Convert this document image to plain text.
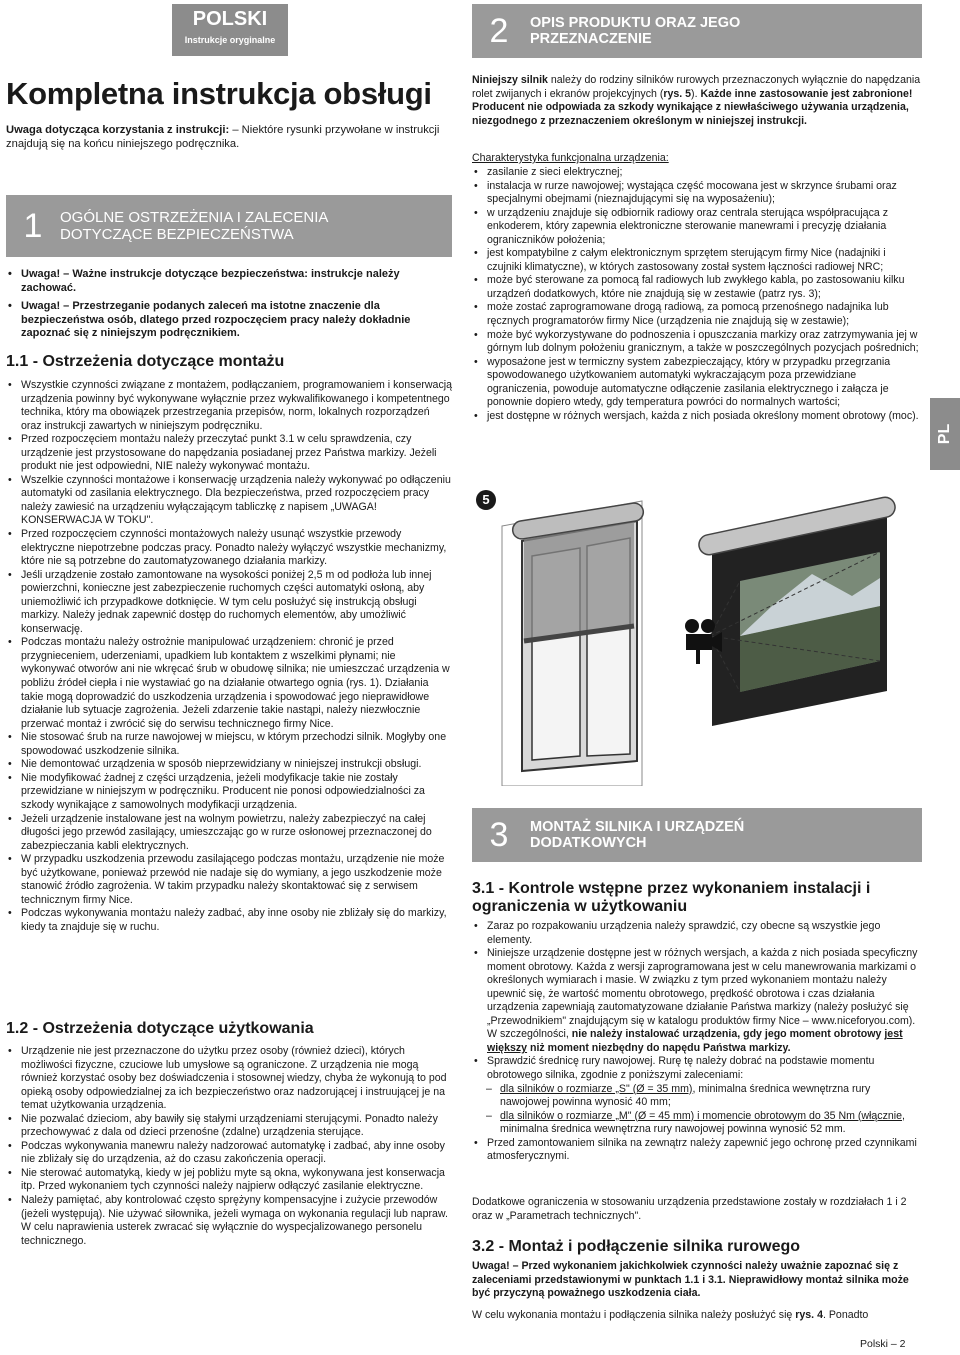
POLSKI
Instrukcje oryginalne
PL
Kompletna instrukcja obsługi

Uwaga dotycząca korzystania z instrukcji: – Niektóre rysunki przywołane w instrukcji znajdują się na końcu niniejszego podręcznika.

1	OGÓLNE OSTRZEŻENIA I ZALECENIA DOTYCZĄCE BEZPIECZEŃSTWA
• Uwaga! – Ważne instrukcje dotyczące bezpieczeństwa: instrukcje należy zachować.
• Uwaga! – Przestrzeganie podanych zaleceń ma istotne znaczenie dla bezpieczeństwa osób, dlatego przed rozpoczęciem pracy należy dokładnie zapoznać się z niniejszym podręcznikiem.
1.1 - Ostrzeżenia dotyczące montażu
• Wszystkie czynności związane z montażem, podłączaniem, programowaniem i konserwacją urządzenia powinny być wykonywane wyłącznie przez wykwalifikowanego i kompetentnego technika, który ma obowiązek przestrzegania przepisów, norm, lokalnych rozporządzeń oraz instrukcji zawartych w niniejszym podręczniku.
• Przed rozpoczęciem montażu należy przeczytać punkt 3.1 w celu sprawdzenia, czy urządzenie jest przystosowane do napędzania posiadanej przez Państwa markizy. Jeżeli produkt nie jest odpowiedni, NIE należy wykonywać montażu.
• Wszelkie czynności montażowe i konserwację urządzenia należy wykonywać po odłączeniu automatyki od zasilania elektrycznego. Dla bezpieczeństwa, przed rozpoczęciem pracy należy zawiesić na urządzeniu wyłączającym tabliczkę z napisem „UWAGA! KONSERWACJA W TOKU".
• Przed rozpoczęciem czynności montażowych należy usunąć wszystkie przewody elektryczne niepotrzebne podczas pracy. Ponadto należy wyłączyć wszystkie mechanizmy, które nie są potrzebne do zautomatyzowanego działania markizy.
• Jeśli urządzenie zostało zamontowane na wysokości poniżej 2,5 m od podłoża lub innej powierzchni, konieczne jest zabezpieczenie ruchomych części automatyki osłoną, aby uniemożliwić ich przypadkowe dotknięcie. W tym celu posłużyć się instrukcją obsługi markizy. Należy jednak zapewnić dostęp do ruchomych elementów, aby umożliwić konserwację.
• Podczas montażu należy ostrożnie manipulować urządzeniem: chronić je przed przygnieceniem, uderzeniami, upadkiem lub kontaktem z wszelkimi płynami; nie wykonywać otworów ani nie wkręcać śrub w obudowę silnika; nie umieszczać urządzenia w pobliżu źródeł ciepła i nie wystawiać go na działanie otwartego ognia (rys. 1). Działania takie mogą doprowadzić do uszkodzenia urządzenia i spowodować jego nieprawidłowe działanie lub sytuacje zagrożenia. Jeżeli zdarzenie takie nastąpi, należy niezwłocznie przerwać montaż i zwrócić się do serwisu technicznego firmy Nice.
• Nie stosować śrub na rurze nawojowej w miejscu, w którym przechodzi silnik. Mogłyby one spowodować uszkodzenie silnika.
• Nie demontować urządzenia w sposób nieprzewidziany w niniejszej instrukcji obsługi.
• Nie modyfikować żadnej z części urządzenia, jeżeli modyfikacje takie nie zostały przewidziane w niniejszym w podręczniku. Producent nie ponosi odpowiedzialności za szkody wynikające z samowolnych modyfikacji urządzenia.
• Jeżeli urządzenie instalowane jest na wolnym powietrzu, należy zabezpieczyć na całej długości jego przewód zasilający, umieszczając go w rurze osłonowej przeznaczonej do zabezpieczania kabli elektrycznych.
• W przypadku uszkodzenia przewodu zasilającego podczas montażu, urządzenie nie może być użytkowane, ponieważ przewód nie nadaje się do wymiany, a jego uszkodzenie może stanowić źródło zagrożenia. W takim przypadku należy skontaktować się z serwisem technicznym firmy Nice.
• Podczas wykonywania montażu należy zadbać, aby inne osoby nie zbliżały się do markizy, kiedy ta znajduje się w ruchu.
1.2 - Ostrzeżenia dotyczące użytkowania
• Urządzenie nie jest przeznaczone do użytku przez osoby (również dzieci), których możliwości fizyczne, czuciowe lub umysłowe są ograniczone. Z urządzenia nie mogą również korzystać osoby bez doświadczenia i stosownej wiedzy, chyba że wykonują to pod opieką osoby odpowiedzialnej za ich bezpieczeństwo oraz nadzorującej i instruującej je na temat użytkowania urządzenia.
• Nie pozwalać dzieciom, aby bawiły się stałymi urządzeniami sterującymi. Ponadto należy przechowywać z dala od dzieci przenośne (zdalne) urządzenia sterujące.
• Podczas wykonywania manewru należy nadzorować automatykę i zadbać, aby inne osoby nie zbliżały się do urządzenia, aż do czasu zakończenia operacji.
• Nie sterować automatyką, kiedy w jej pobliżu myte są okna, wykonywana jest konserwacja itp. Przed wykonaniem tych czynności należy najpierw odłączyć zasilanie elektryczne.
• Należy pamiętać, aby kontrolować często sprężyny kompensacyjne i zużycie przewodów (jeżeli występują). Nie używać siłownika, jeżeli wymaga on wykonania regulacji lub napraw. W celu naprawienia usterek zwracać się wyłącznie do wyspecjalizowanego personelu technicznego.
2	OPIS PRODUKTU ORAZ JEGO PRZEZNACZENIE

Niniejszy silnik należy do rodziny silników rurowych przeznaczonych wyłącznie do napędzania rolet zwijanych i ekranów projekcyjnych (rys. 5). Każde inne zastosowanie jest zabronione! Producent nie odpowiada za szkody wynikające z niewłaściwego używania urządzenia, niezgodnego z przeznaczeniem określonym w niniejszej instrukcji.

Charakterystyka funkcjonalna urządzenia:

• zasilanie z sieci elektrycznej;
• instalacja w rurze nawojowej; wystająca część mocowana jest w skrzynce śrubami oraz specjalnymi obejmami (nieznajdującymi się na wyposażeniu);
• w urządzeniu znajduje się odbiornik radiowy oraz centrala sterująca współpracująca z enkoderem, który zapewnia elektroniczne sterowanie manewrami i precyzję działania ograniczników położenia;
• jest kompatybilne z całym elektronicznym sprzętem sterującym firmy Nice (nadajniki i czujniki klimatyczne), w których zastosowany został system łączności radiowej NRC;
• może być sterowane za pomocą fal radiowych lub zwykłego kabla, po zastosowaniu kilku urządzeń dodatkowych, które nie znajdują się w zestawie (patrz rys. 3);
• może zostać zaprogramowane drogą radiową, za pomocą przenośnego nadajnika lub ręcznych programatorów firmy Nice (urządzenia nie znajdują się w zestawie);
• może być wykorzystywane do podnoszenia i opuszczania markizy oraz zatrzymywania jej w górnym lub dolnym położeniu granicznym, a także w poszczególnych pozycjach pośrednich;
• wyposażone jest w termiczny system zabezpieczający, który w przypadku przegrzania spowodowanego użytkowaniem automatyki wykraczającym poza przewidziane ograniczenia, powoduje automatyczne odłączenie zasilania elektrycznego i załącza je ponownie dopiero wtedy, gdy temperatura powróci do normalnych wartości;
• jest dostępne w różnych wersjach, każda z nich posiada określony moment obrotowy (moc).
5
3	MONTAŻ SILNIKA I URZĄDZEŃ DODATKOWYCH
3.1 - Kontrole wstępne przez wykonaniem instalacji i ograniczenia w użytkowaniu
• Zaraz po rozpakowaniu urządzenia należy sprawdzić, czy obecne są wszystkie jego elementy.
• Niniejsze urządzenie dostępne jest w różnych wersjach, a każda z nich posiada specyficzny moment obrotowy. Każda z wersji zaprogramowana jest w celu manewrowania markizami o określonych wymiarach i masie. W związku z tym przed wykonaniem montażu należy upewnić się, że wartość momentu obrotowego, prędkość obrotowa i czas działania urządzenia zapewniają zautomatyzowane działanie Państwa markizy (należy posłużyć się „Przewodnikiem" znajdującym się w katalogu produktów firmy Nice – www.niceforyou.com). W szczególności, nie należy instalować urządzenia, gdy jego moment obrotowy jest większy niż moment niezbędny do napędu Państwa markizy.
• Sprawdzić średnicę rury nawojowej. Rurę tę należy dobrać na podstawie momentu obrotowego silnika, zgodnie z poniższymi zaleceniami:
– dla silników o rozmiarze „S" (Ø = 35 mm), minimalna średnica wewnętrzna rury nawojowej powinna wynosić 40 mm;
– dla silników o rozmiarze „M" (Ø = 45 mm) i momencie obrotowym do 35 Nm (włącznie, minimalna średnica wewnętrzna rury nawojowej powinna wynosić 52 mm.
• Przed zamontowaniem silnika na zewnątrz należy zapewnić jego ochronę przed czynnikami atmosferycznymi.

Dodatkowe ograniczenia w stosowaniu urządzenia przedstawione zostały w rozdziałach 1 i 2 oraz w „Parametrach technicznych".

3.2 - Montaż i podłączenie silnika rurowego

Uwaga! – Przed wykonaniem jakichkolwiek czynności należy uważnie zapoznać się z zaleceniami przedstawionymi w punktach 1.1 i 3.1. Nieprawidłowy montaż silnika może być przyczyną poważnego uszkodzenia ciała.

W celu wykonania montażu i podłączenia silnika należy posłużyć się rys. 4. Ponadto

Polski – 2
